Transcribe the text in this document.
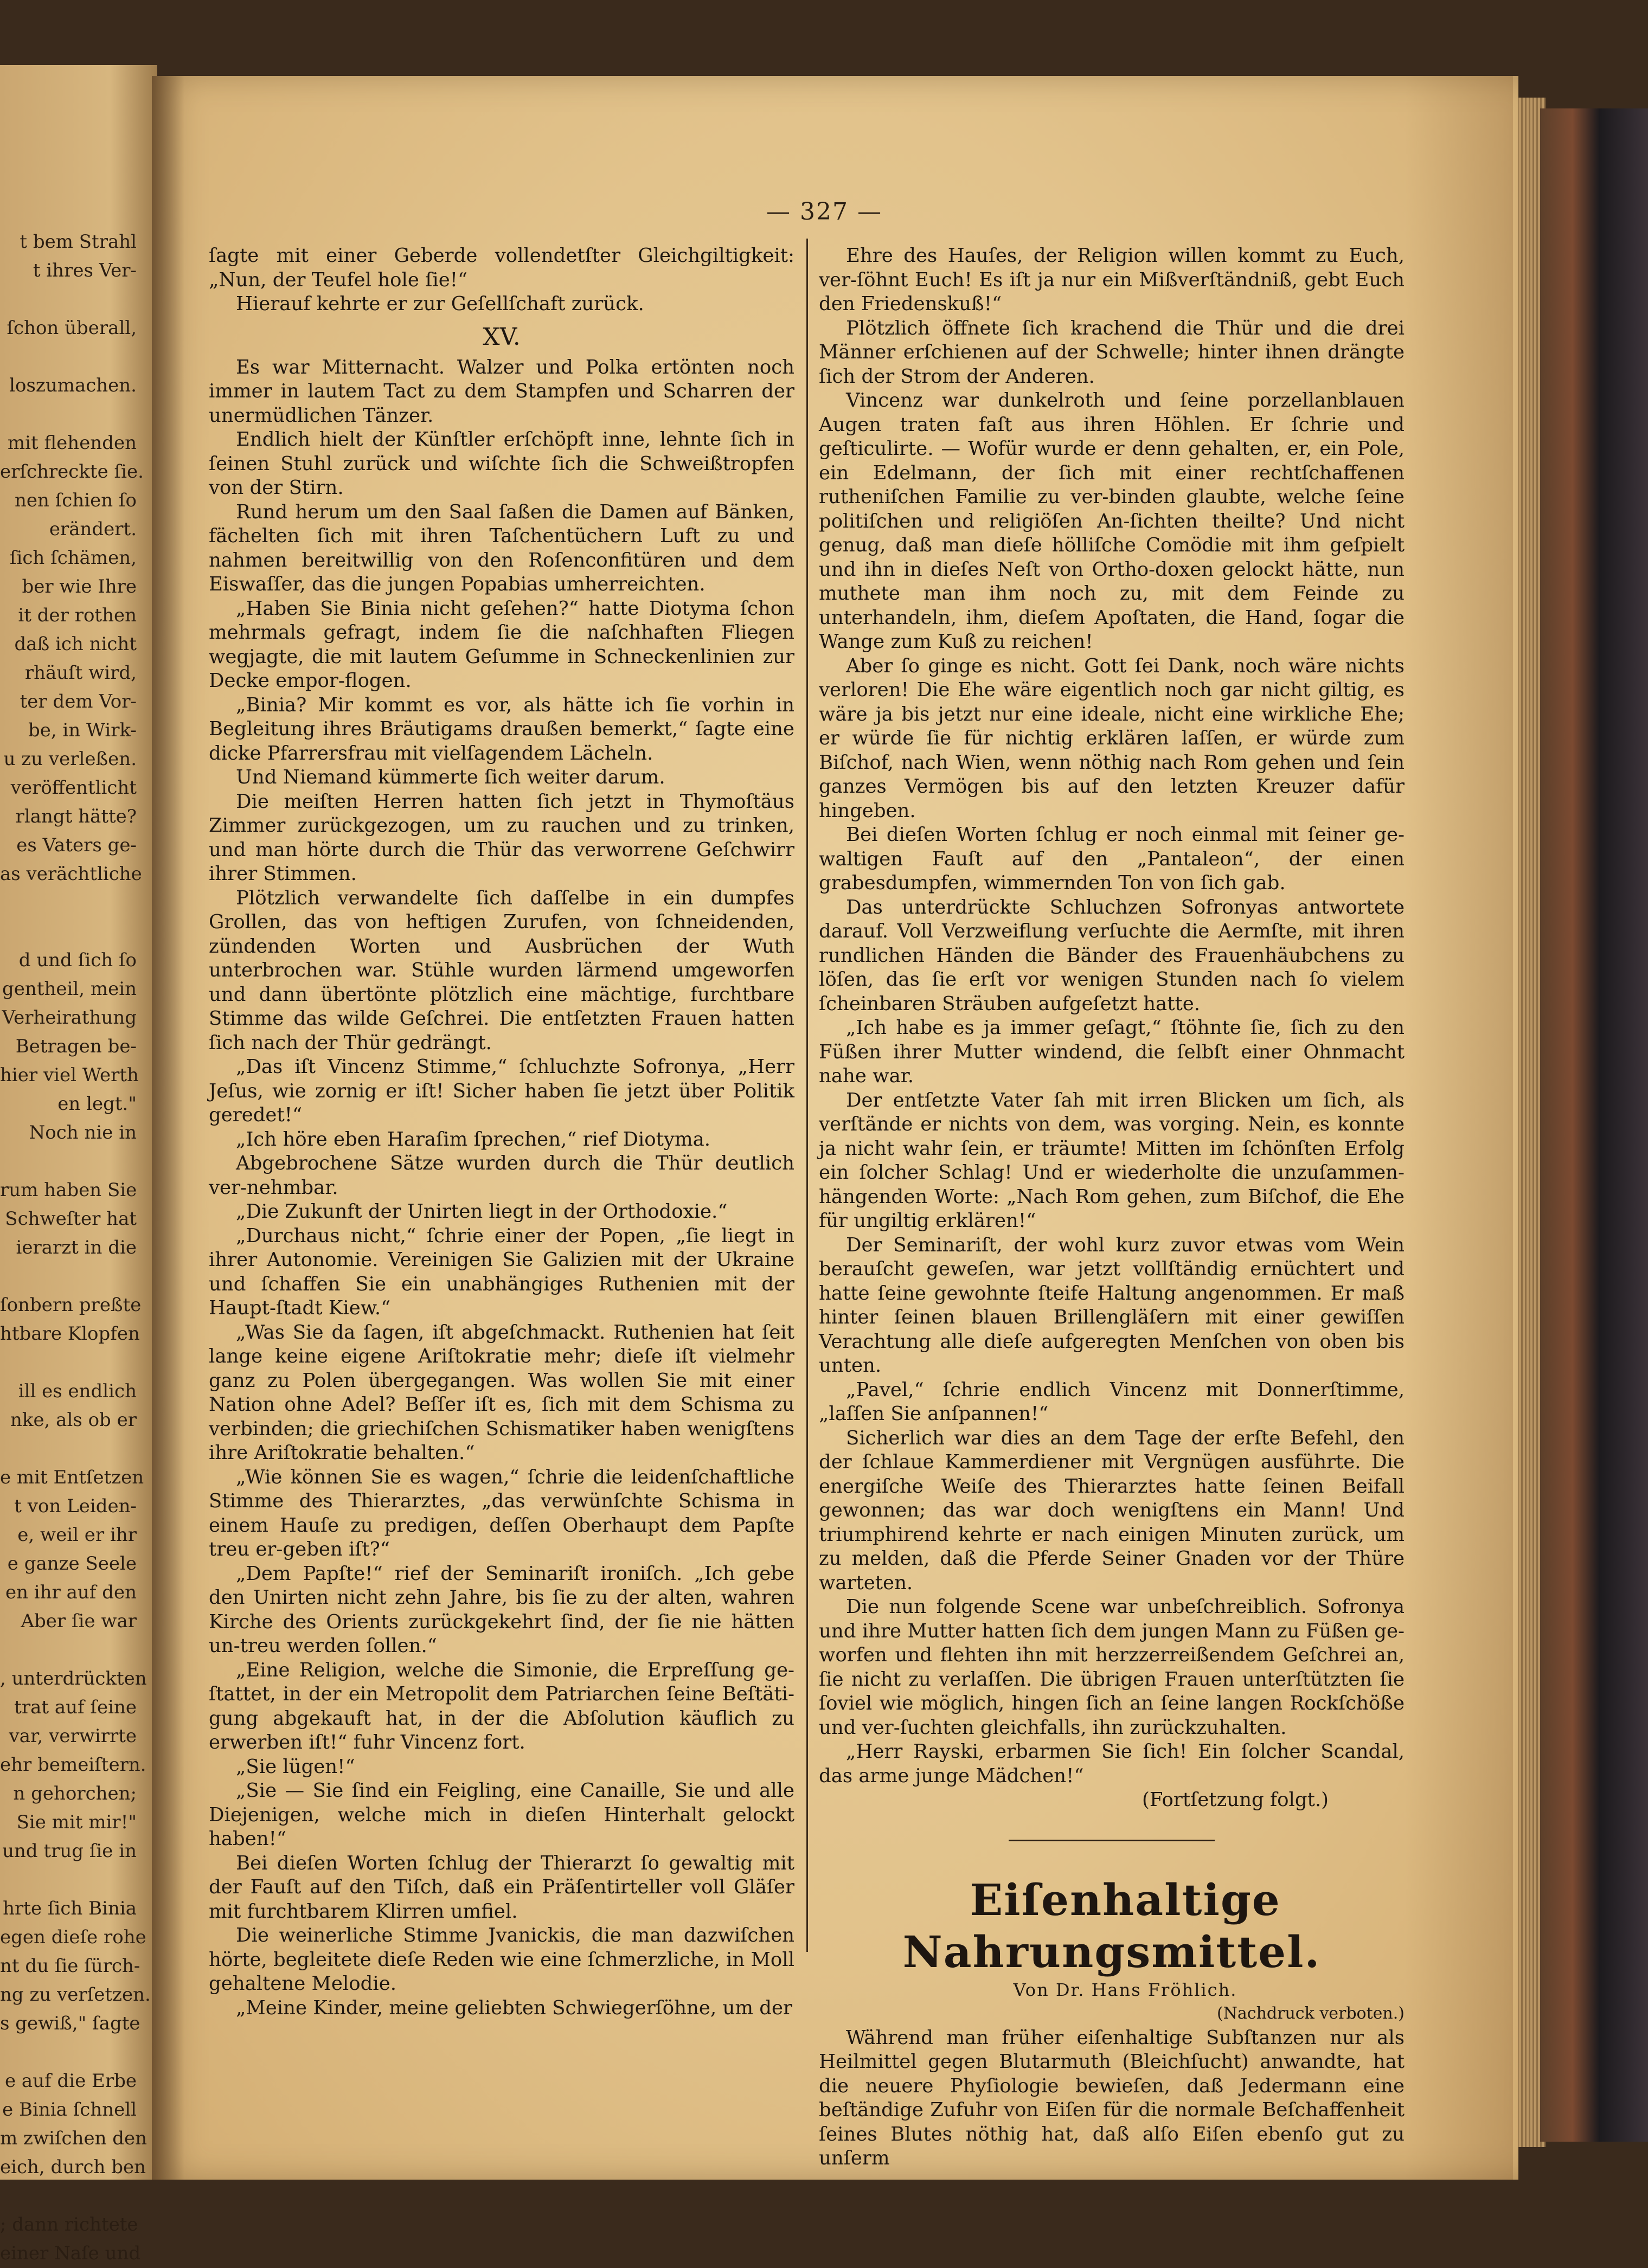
t bem Strahl
t ihres Ver-
ſchon überall,
loszumachen.
mit flehenden
erſchreckte ſie.
nen ſchien ſo
erändert.
ſich ſchämen,
ber wie Ihre
it der rothen
daß ich nicht
rhäuſt wird,
ter dem Vor-
be, in Wirk-
u zu verleßen.
veröffentlicht
rlangt hätte?
es Vaters ge-
as verächtliche
d und ſich ſo
gentheil, mein
Verheirathung
Betragen be-
hier viel Werth
en legt."
Noch nie in
rum haben Sie
Schweſter hat
ierarzt in die
ſonbern preßte
htbare Klopfen
ill es endlich
nke, als ob er
e mit Entſetzen
t von Leiden-
e, weil er ihr
e ganze Seele
en ihr auf den
Aber ſie war
, unterdrückten
trat auf ſeine
var, verwirrte
ehr bemeiſtern.
n gehorchen;
Sie mit mir!"
und trug ſie in
hrte ſich Binia
egen dieſe rohe
nt du ſie ſürch-
ng zu verſetzen.
s gewiß," ſagte
e auf die Erbe
e Binia ſchnell
m zwiſchen den
eich, durch ben
; dann richtete
einer Naſe und
— 327 —

ſagte mit einer Geberde vollendetſter Gleichgiltigkeit: „Nun, der Teufel hole ſie!“

Hierauf kehrte er zur Geſellſchaft zurück.

XV.

Es war Mitternacht. Walzer und Polka ertönten noch immer in lautem Tact zu dem Stampfen und Scharren der unermüdlichen Tänzer.

Endlich hielt der Künſtler erſchöpft inne, lehnte ſich in ſeinen Stuhl zurück und wiſchte ſich die Schweißtropfen von der Stirn.

Rund herum um den Saal ſaßen die Damen auf Bänken, fächelten ſich mit ihren Taſchentüchern Luft zu und nahmen bereitwillig von den Roſenconfitüren und dem Eiswaſſer, das die jungen Popabias umherreichten.

„Haben Sie Binia nicht geſehen?“ hatte Diotyma ſchon mehrmals gefragt, indem ſie die naſchhaften Fliegen wegjagte, die mit lautem Geſumme in Schneckenlinien zur Decke empor-flogen.

„Binia? Mir kommt es vor, als hätte ich ſie vorhin in Begleitung ihres Bräutigams draußen bemerkt,“ ſagte eine dicke Pfarrersfrau mit vielſagendem Lächeln.

Und Niemand kümmerte ſich weiter darum.

Die meiſten Herren hatten ſich jetzt in Thymoſtäus Zimmer zurückgezogen, um zu rauchen und zu trinken, und man hörte durch die Thür das verworrene Geſchwirr ihrer Stimmen.

Plötzlich verwandelte ſich daſſelbe in ein dumpfes Grollen, das von heftigen Zurufen, von ſchneidenden, zündenden Worten und Ausbrüchen der Wuth unterbrochen war. Stühle wurden lärmend umgeworfen und dann übertönte plötzlich eine mächtige, furchtbare Stimme das wilde Geſchrei. Die entſetzten Frauen hatten ſich nach der Thür gedrängt.

„Das iſt Vincenz Stimme,“ ſchluchzte Sofronya, „Herr Jeſus, wie zornig er iſt! Sicher haben ſie jetzt über Politik geredet!“

„Ich höre eben Haraſim ſprechen,“ rief Diotyma.

Abgebrochene Sätze wurden durch die Thür deutlich ver-nehmbar.

„Die Zukunft der Unirten liegt in der Orthodoxie.“

„Durchaus nicht,“ ſchrie einer der Popen, „ſie liegt in ihrer Autonomie. Vereinigen Sie Galizien mit der Ukraine und ſchaffen Sie ein unabhängiges Ruthenien mit der Haupt-ſtadt Kiew.“

„Was Sie da ſagen, iſt abgeſchmackt. Ruthenien hat ſeit lange keine eigene Ariſtokratie mehr; dieſe iſt vielmehr ganz zu Polen übergegangen. Was wollen Sie mit einer Nation ohne Adel? Beſſer iſt es, ſich mit dem Schisma zu verbinden; die griechiſchen Schismatiker haben wenigſtens ihre Ariſtokratie behalten.“

„Wie können Sie es wagen,“ ſchrie die leidenſchaftliche Stimme des Thierarztes, „das verwünſchte Schisma in einem Hauſe zu predigen, deſſen Oberhaupt dem Papſte treu er-geben iſt?“

„Dem Papſte!“ rief der Seminariſt ironiſch. „Ich gebe den Unirten nicht zehn Jahre, bis ſie zu der alten, wahren Kirche des Orients zurückgekehrt ſind, der ſie nie hätten un-treu werden ſollen.“

„Eine Religion, welche die Simonie, die Erpreſſung ge-ſtattet, in der ein Metropolit dem Patriarchen ſeine Beſtäti-gung abgekauft hat, in der die Abſolution käuflich zu erwerben iſt!“ fuhr Vincenz fort.

„Sie lügen!“

„Sie — Sie ſind ein Feigling, eine Canaille, Sie und alle Diejenigen, welche mich in dieſen Hinterhalt gelockt haben!“

Bei dieſen Worten ſchlug der Thierarzt ſo gewaltig mit der Fauſt auf den Tiſch, daß ein Präſentirteller voll Gläſer mit furchtbarem Klirren umfiel.

Die weinerliche Stimme Jvanickis, die man dazwiſchen hörte, begleitete dieſe Reden wie eine ſchmerzliche, in Moll gehaltene Melodie.

„Meine Kinder, meine geliebten Schwiegerſöhne, um der

Ehre des Hauſes, der Religion willen kommt zu Euch, ver-ſöhnt Euch! Es iſt ja nur ein Mißverſtändniß, gebt Euch den Friedenskuß!“

Plötzlich öffnete ſich krachend die Thür und die drei Männer erſchienen auf der Schwelle; hinter ihnen drängte ſich der Strom der Anderen.

Vincenz war dunkelroth und ſeine porzellanblauen Augen traten faſt aus ihren Höhlen. Er ſchrie und geſticulirte. — Wofür wurde er denn gehalten, er, ein Pole, ein Edelmann, der ſich mit einer rechtſchaffenen rutheniſchen Familie zu ver-binden glaubte, welche ſeine politiſchen und religiöſen An-ſichten theilte? Und nicht genug, daß man dieſe hölliſche Comödie mit ihm geſpielt und ihn in dieſes Neſt von Ortho-doxen gelockt hätte, nun muthete man ihm noch zu, mit dem Feinde zu unterhandeln, ihm, dieſem Apoſtaten, die Hand, ſogar die Wange zum Kuß zu reichen!

Aber ſo ginge es nicht. Gott ſei Dank, noch wäre nichts verloren! Die Ehe wäre eigentlich noch gar nicht giltig, es wäre ja bis jetzt nur eine ideale, nicht eine wirkliche Ehe; er würde ſie für nichtig erklären laſſen, er würde zum Biſchof, nach Wien, wenn nöthig nach Rom gehen und ſein ganzes Vermögen bis auf den letzten Kreuzer dafür hingeben.

Bei dieſen Worten ſchlug er noch einmal mit ſeiner ge-waltigen Fauſt auf den „Pantaleon“, der einen grabesdumpfen, wimmernden Ton von ſich gab.

Das unterdrückte Schluchzen Sofronyas antwortete darauf. Voll Verzweiflung verſuchte die Aermſte, mit ihren rundlichen Händen die Bänder des Frauenhäubchens zu löſen, das ſie erſt vor wenigen Stunden nach ſo vielem ſcheinbaren Sträuben aufgeſetzt hatte.

„Ich habe es ja immer geſagt,“ ſtöhnte ſie, ſich zu den Füßen ihrer Mutter windend, die ſelbſt einer Ohnmacht nahe war.

Der entſetzte Vater ſah mit irren Blicken um ſich, als verſtände er nichts von dem, was vorging. Nein, es konnte ja nicht wahr ſein, er träumte! Mitten im ſchönſten Erfolg ein ſolcher Schlag! Und er wiederholte die unzuſammen-hängenden Worte: „Nach Rom gehen, zum Biſchof, die Ehe für ungiltig erklären!“

Der Seminariſt, der wohl kurz zuvor etwas vom Wein berauſcht geweſen, war jetzt vollſtändig ernüchtert und hatte ſeine gewohnte ſteife Haltung angenommen. Er maß hinter ſeinen blauen Brillengläſern mit einer gewiſſen Verachtung alle dieſe aufgeregten Menſchen von oben bis unten.

„Pavel,“ ſchrie endlich Vincenz mit Donnerſtimme, „laſſen Sie anſpannen!“

Sicherlich war dies an dem Tage der erſte Befehl, den der ſchlaue Kammerdiener mit Vergnügen ausführte. Die energiſche Weiſe des Thierarztes hatte ſeinen Beifall gewonnen; das war doch wenigſtens ein Mann! Und triumphirend kehrte er nach einigen Minuten zurück, um zu melden, daß die Pferde Seiner Gnaden vor der Thüre warteten.

Die nun folgende Scene war unbeſchreiblich. Sofronya und ihre Mutter hatten ſich dem jungen Mann zu Füßen ge-worfen und flehten ihn mit herzzerreißendem Geſchrei an, ſie nicht zu verlaſſen. Die übrigen Frauen unterſtützten ſie ſoviel wie möglich, hingen ſich an ſeine langen Rockſchöße und ver-ſuchten gleichfalls, ihn zurückzuhalten.

„Herr Rayski, erbarmen Sie ſich! Ein ſolcher Scandal, das arme junge Mädchen!“

(Fortſetzung folgt.)

Eiſenhaltige Nahrungsmittel.

Von Dr. Hans Fröhlich.

(Nachdruck verboten.)

Während man früher eiſenhaltige Subſtanzen nur als Heilmittel gegen Blutarmuth (Bleichſucht) anwandte, hat die neuere Phyſiologie bewieſen, daß Jedermann eine beſtändige Zufuhr von Eiſen für die normale Beſchaffenheit ſeines Blutes nöthig hat, daß alſo Eiſen ebenſo gut zu unſerm
